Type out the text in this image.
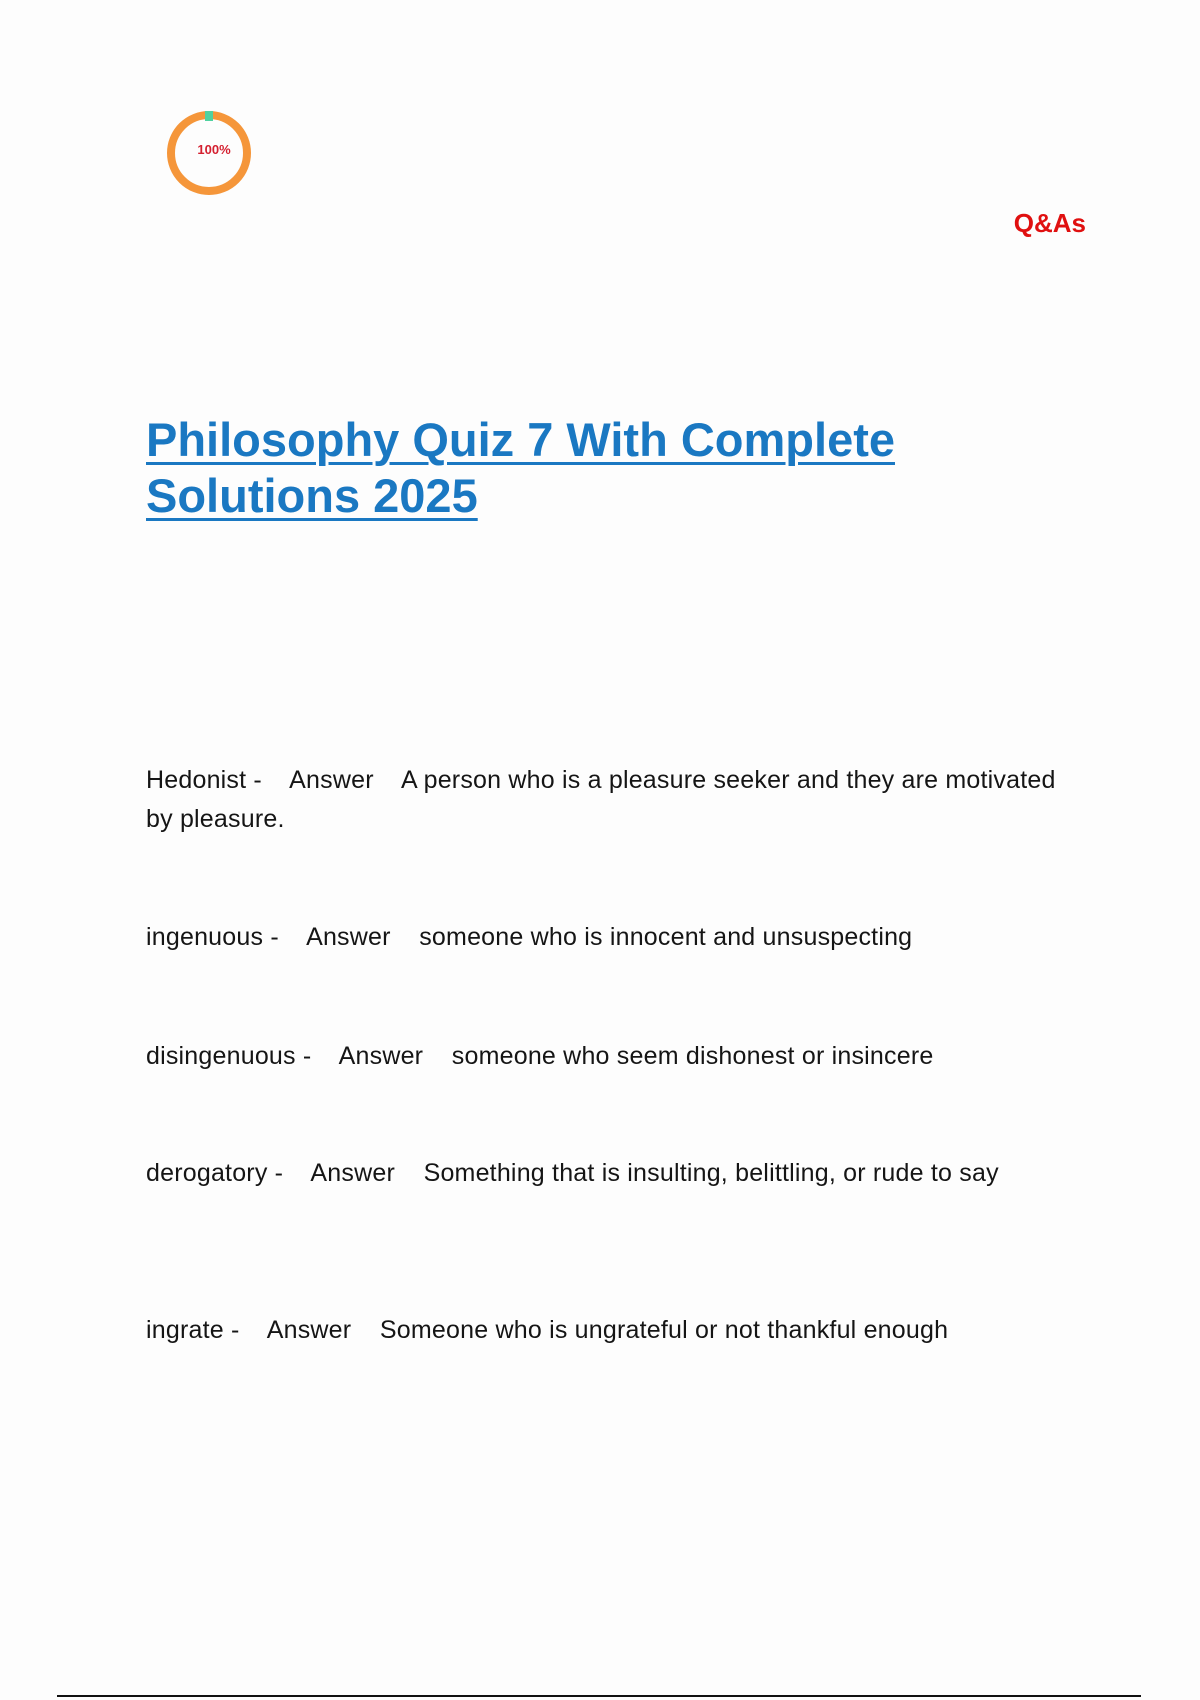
100%
Q&As
Philosophy Quiz 7 With Complete Solutions 2025
Hedonist - Answer A person who is a pleasure seeker and they are motivated by pleasure.
ingenuous - Answer someone who is innocent and unsuspecting
disingenuous - Answer someone who seem dishonest or insincere
derogatory - Answer Something that is insulting, belittling, or rude to say
ingrate - Answer Someone who is ungrateful or not thankful enough
